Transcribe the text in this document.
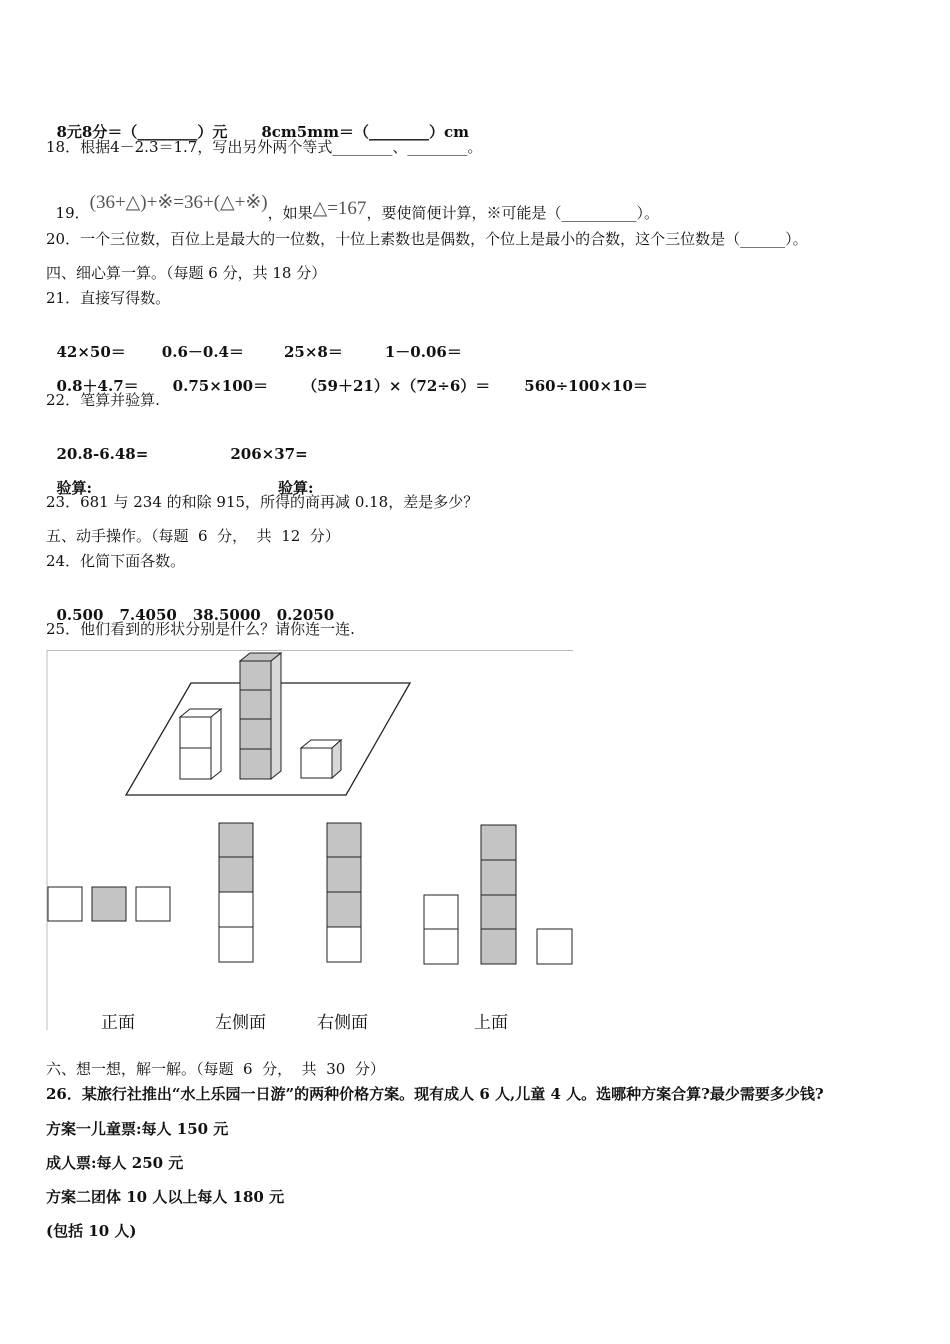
8元8分＝（________）元 8cm5mm＝（________）cm

18．根据4－2.3＝1.7，写出另外两个等式________、________。

19．(36+△)+※=36+(△+※)，如果△=167，要使简便计算，※可能是（__________）。

20．一个三位数，百位上是最大的一位数，十位上素数也是偶数，个位上是最小的合数，这个三位数是（______）。
四、细心算一算。（每题 6 分，共 18 分）
21．直接写得数。

42×50＝ 0.6－0.4＝	25×8＝	1－0.06＝

0.8＋4.7＝ 0.75×100＝ （59＋21）×（72÷6）＝ 560÷100×10＝

22．笔算并验算.

20.8-6.48=	206×37=

验算:	验算:

23．681 与 234 的和除 915，所得的商再减 0.18，差是多少？
五、动手操作。（每题  6  分，  共  12  分）
24．化简下面各数。

0.500 7.4050 38.5000 0.2050

25．他们看到的形状分别是什么？请你连一连.
正面	左侧面	右侧面	上面
六、想一想，解一解。（每题  6  分，  共  30  分）
26．某旅行社推出“水上乐园一日游”的两种价格方案。现有成人 6 人,儿童 4 人。选哪种方案合算?最少需要多少钱?
方案一儿童票:每人 150 元
成人票:每人 250 元
方案二团体 10 人以上每人 180 元
(包括 10 人)
